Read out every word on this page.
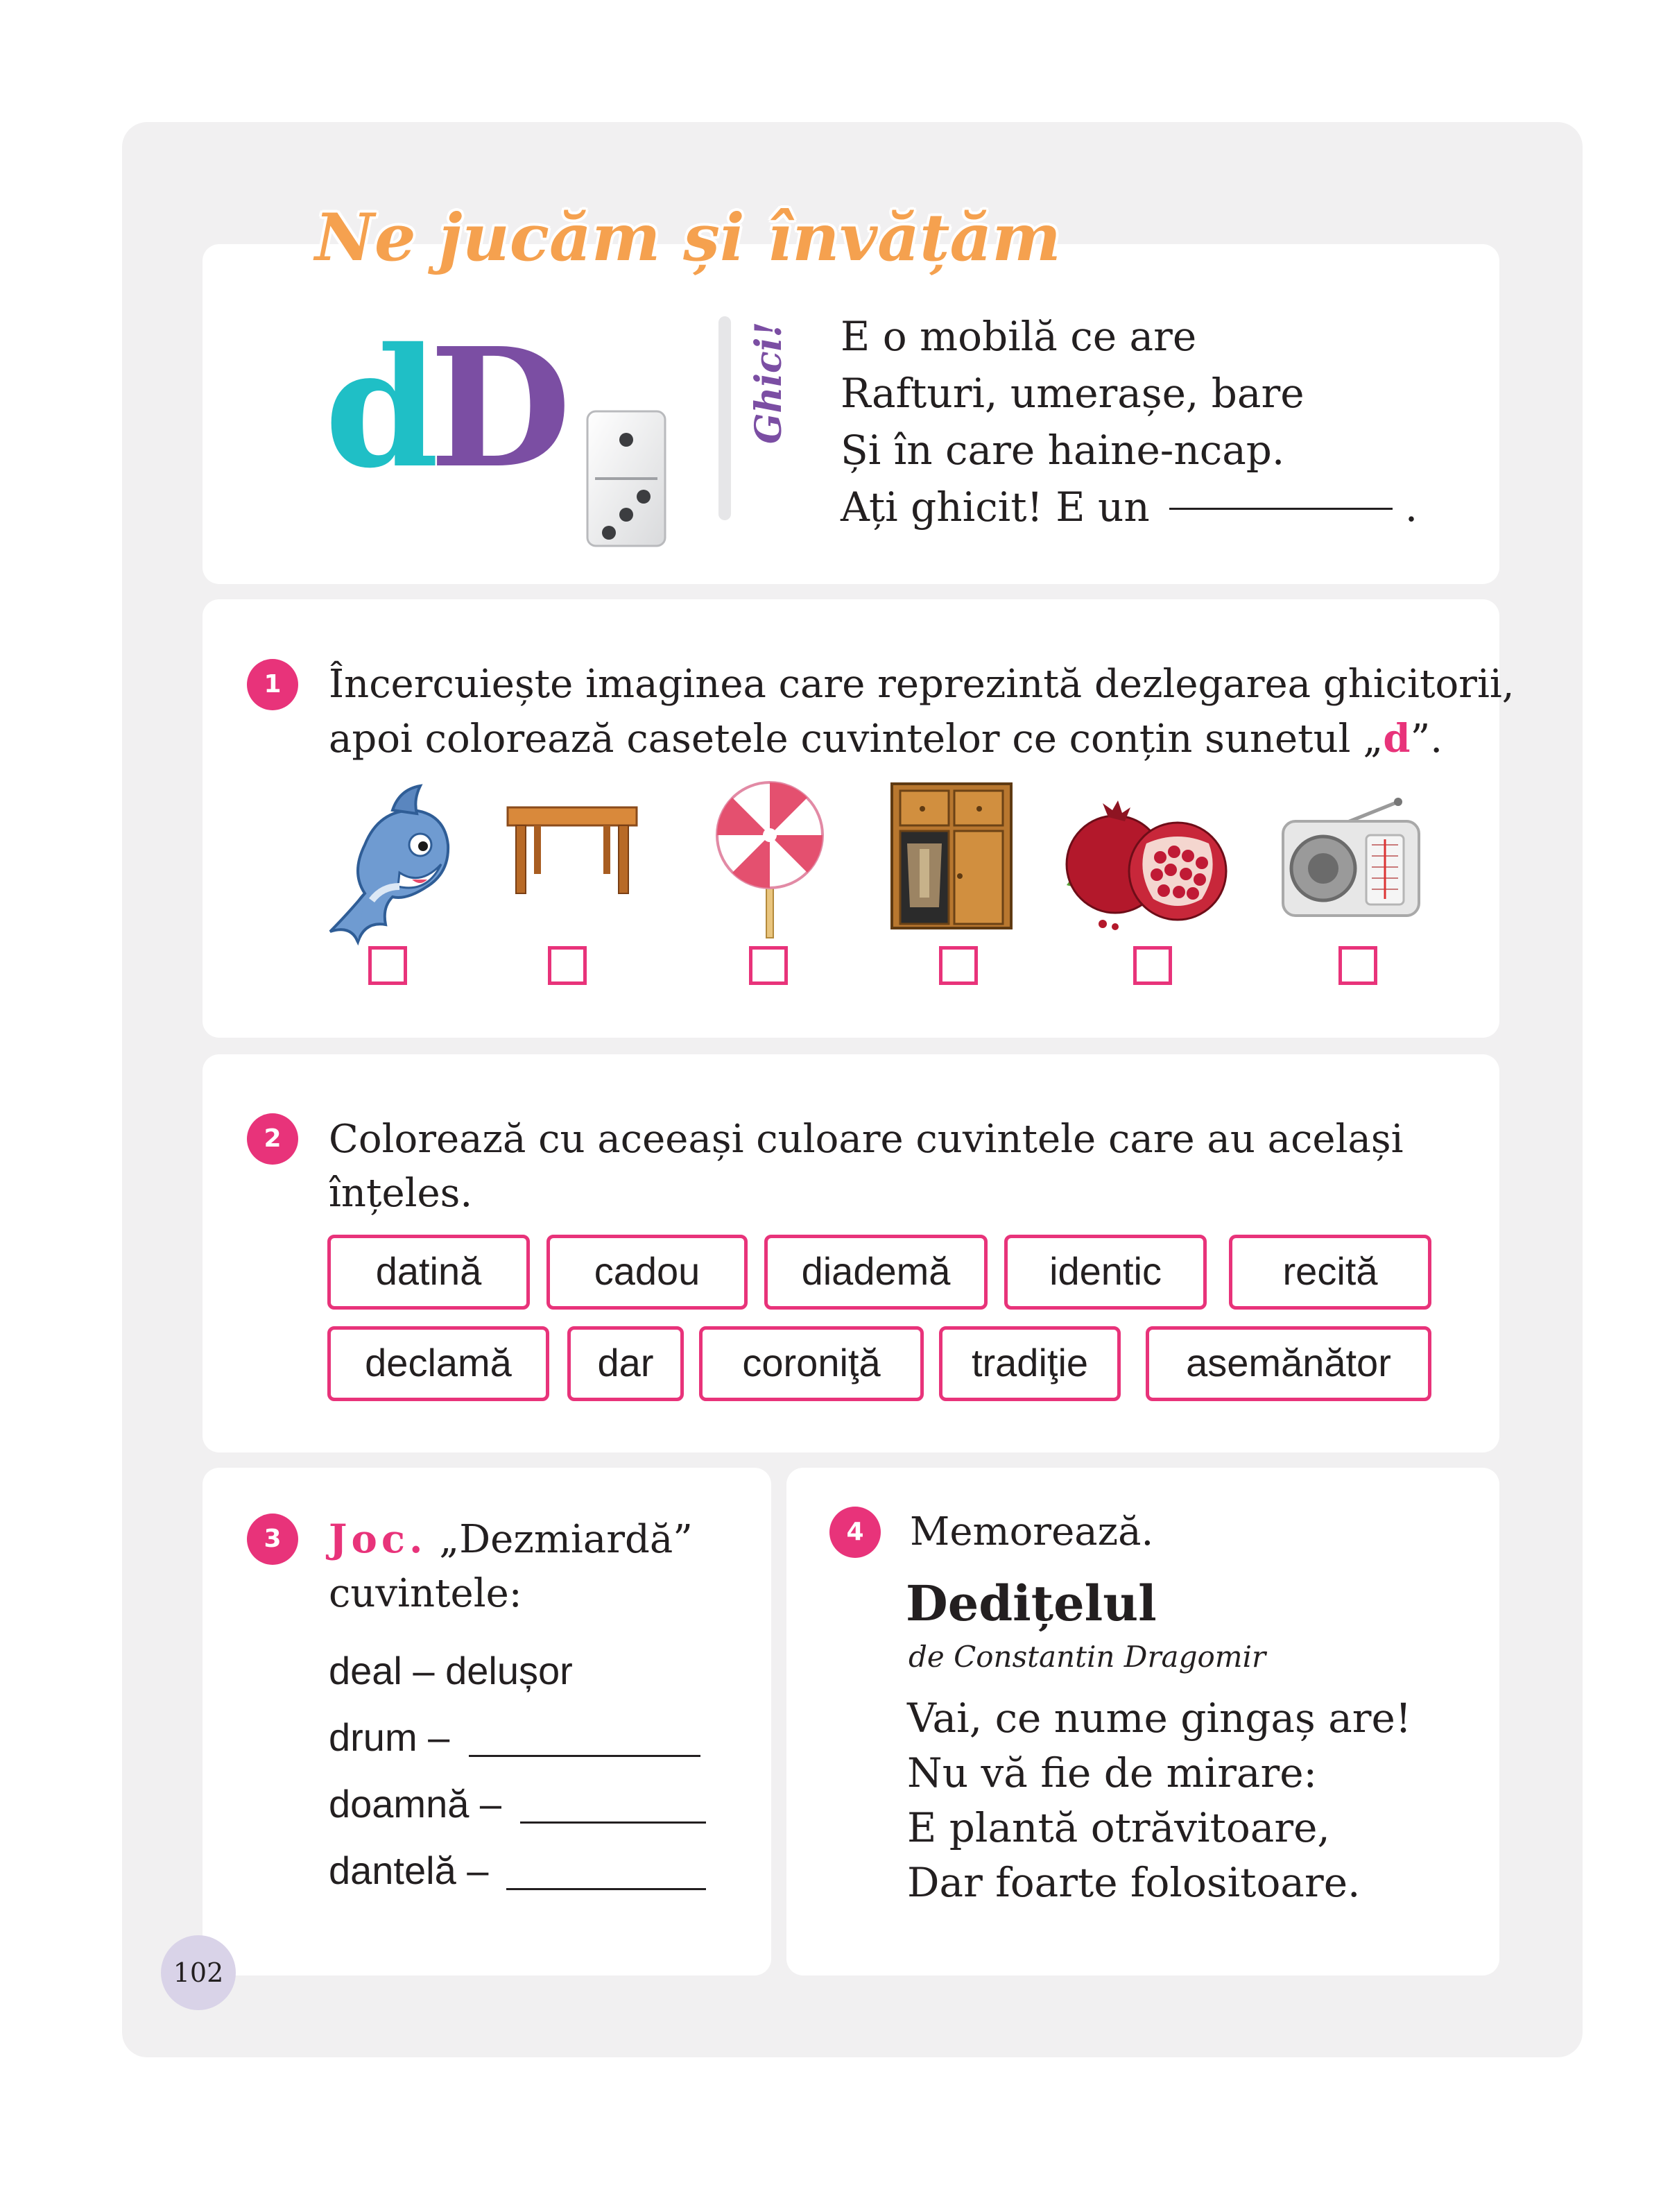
Ne jucăm și învățăm
dD	Ghici! E o mobilă ce are
Rafturi, umerașe, bare
Și în care haine-ncap.
Ați ghicit! E un	.
1	Încercuiește imaginea care reprezintă dezlegarea ghicitorii,
apoi colorează casetele cuvintelor ce conțin sunetul „d”.
2	Colorează cu aceeași culoare cuvintele care au același
înțeles.
datină	cadou	diademă	identic	recită
declamă	dar	coroniţă	tradiţie	asemănător
3	Joc. „Dezmiardă”
cuvintele:
deal – delușor
drum –
doamnă –
dantelă –
4	Memorează.
Dedițelul
de Constantin Dragomir
Vai, ce nume gingaș are!
Nu vă fie de mirare:
E plantă otrăvitoare,
Dar foarte folositoare.
102
